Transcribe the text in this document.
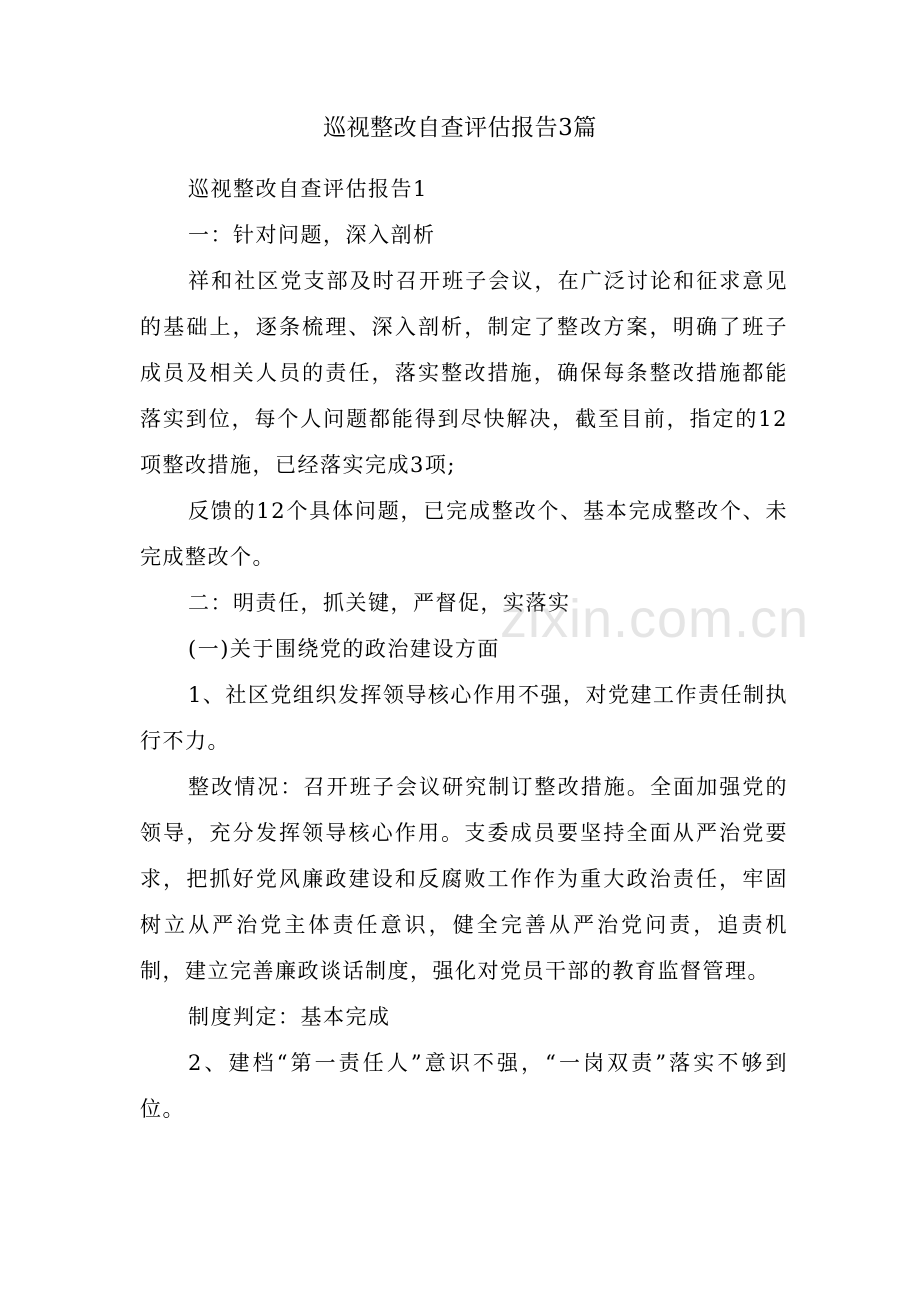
巡视整改自查评估报告3篇

巡视整改自查评估报告1

一：针对问题，深入剖析

祥和社区党支部及时召开班子会议，在广泛讨论和征求意见的基础上，逐条梳理、深入剖析，制定了整改方案，明确了班子成员及相关人员的责任，落实整改措施，确保每条整改措施都能落实到位，每个人问题都能得到尽快解决，截至目前，指定的12项整改措施，已经落实完成3项;

反馈的12个具体问题，已完成整改个、基本完成整改个、未完成整改个。

二：明责任，抓关键，严督促，实落实

(一)关于围绕党的政治建设方面

1、社区党组织发挥领导核心作用不强，对党建工作责任制执行不力。

整改情况：召开班子会议研究制订整改措施。全面加强党的领导，充分发挥领导核心作用。支委成员要坚持全面从严治党要求，把抓好党风廉政建设和反腐败工作作为重大政治责任，牢固树立从严治党主体责任意识，健全完善从严治党问责，追责机制，建立完善廉政谈话制度，强化对党员干部的教育监督管理。

制度判定：基本完成

2、建档“第一责任人”意识不强，“一岗双责”落实不够到位。

zixin.com.cn
